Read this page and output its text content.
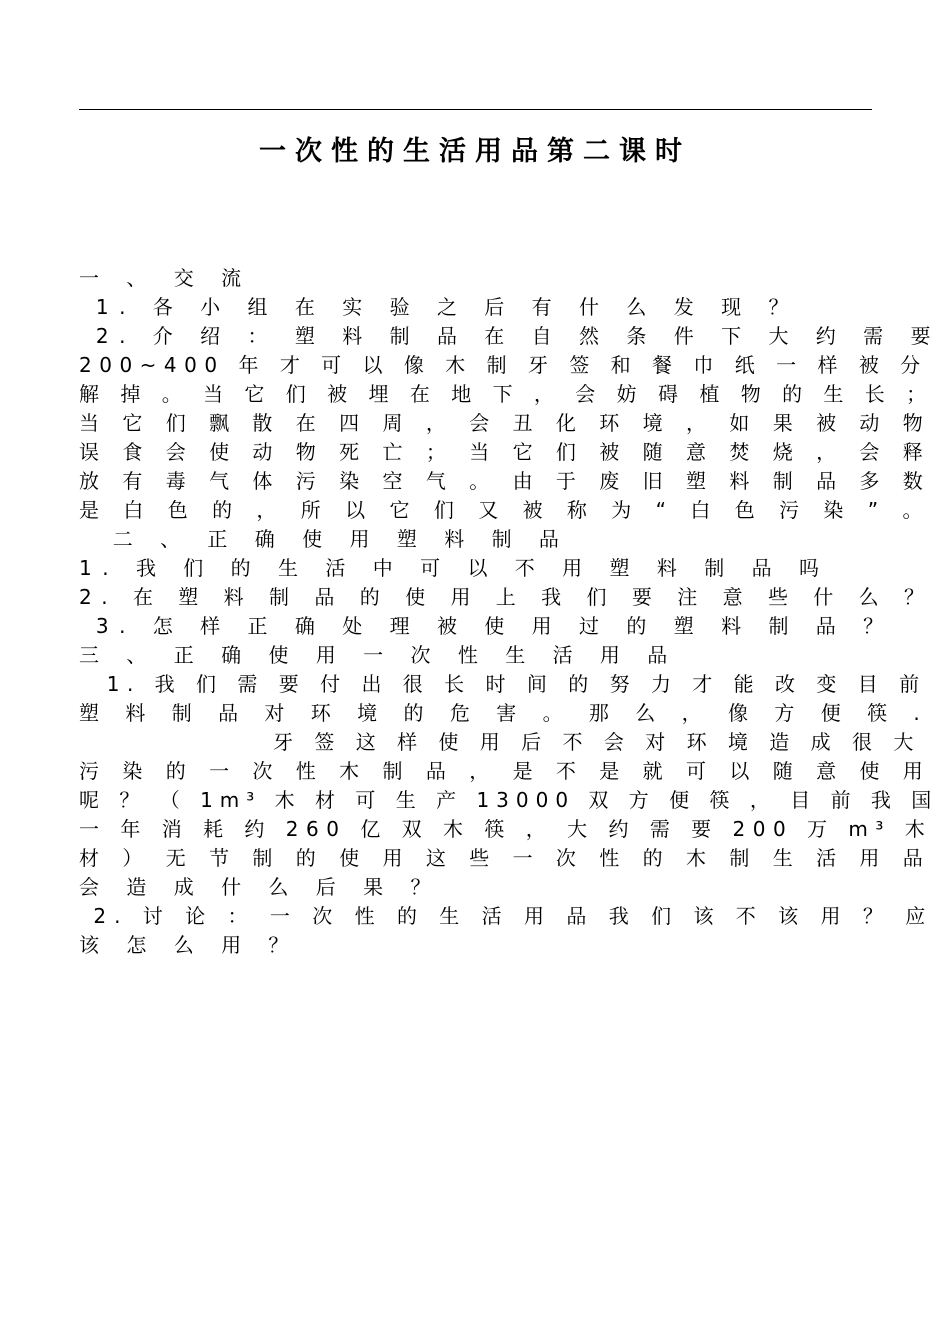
一次性的生活用品第二课时
一 、 交 流
1. 各 小 组 在 实 验 之 后 有 什 么 发 现 ？
2. 介 绍 ： 塑 料 制 品 在 自 然 条 件 下 大 约 需 要
200~400 年 才 可 以 像 木 制 牙 签 和 餐 巾 纸 一 样 被 分
解 掉 。 当 它 们 被 埋 在 地 下 ， 会 妨 碍 植 物 的 生 长 ；
当 它 们 飘 散 在 四 周 ， 会 丑 化 环 境 ， 如 果 被 动 物
误 食 会 使 动 物 死 亡 ； 当 它 们 被 随 意 焚 烧 ， 会 释
放 有 毒 气 体 污 染 空 气 。 由 于 废 旧 塑 料 制 品 多 数
是 白 色 的 ， 所 以 它 们 又 被 称 为 “ 白 色 污 染 ” 。
二 、 正 确 使 用 塑 料 制 品
1. 我 们 的 生 活 中 可 以 不 用 塑 料 制 品 吗
2. 在 塑 料 制 品 的 使 用 上 我 们 要 注 意 些 什 么 ？
3. 怎 样 正 确 处 理 被 使 用 过 的 塑 料 制 品 ？
三 、 正 确 使 用 一 次 性 生 活 用 品
1. 我 们 需 要 付 出 很 长 时 间 的 努 力 才 能 改 变 目 前
塑 料 制 品 对 环 境 的 危 害 。 那 么 ， 像 方 便 筷 .
牙 签 这 样 使 用 后 不 会 对 环 境 造 成 很 大
污 染 的 一 次 性 木 制 品 ， 是 不 是 就 可 以 随 意 使 用
呢 ？ （ 1m³ 木 材 可 生 产 13000 双 方 便 筷 ， 目 前 我 国
一 年 消 耗 约 260 亿 双 木 筷 ， 大 约 需 要 200 万 m³ 木
材 ） 无 节 制 的 使 用 这 些 一 次 性 的 木 制 生 活 用 品
会 造 成 什 么 后 果 ？
2. 讨 论 ： 一 次 性 的 生 活 用 品 我 们 该 不 该 用 ？ 应
该 怎 么 用 ？
